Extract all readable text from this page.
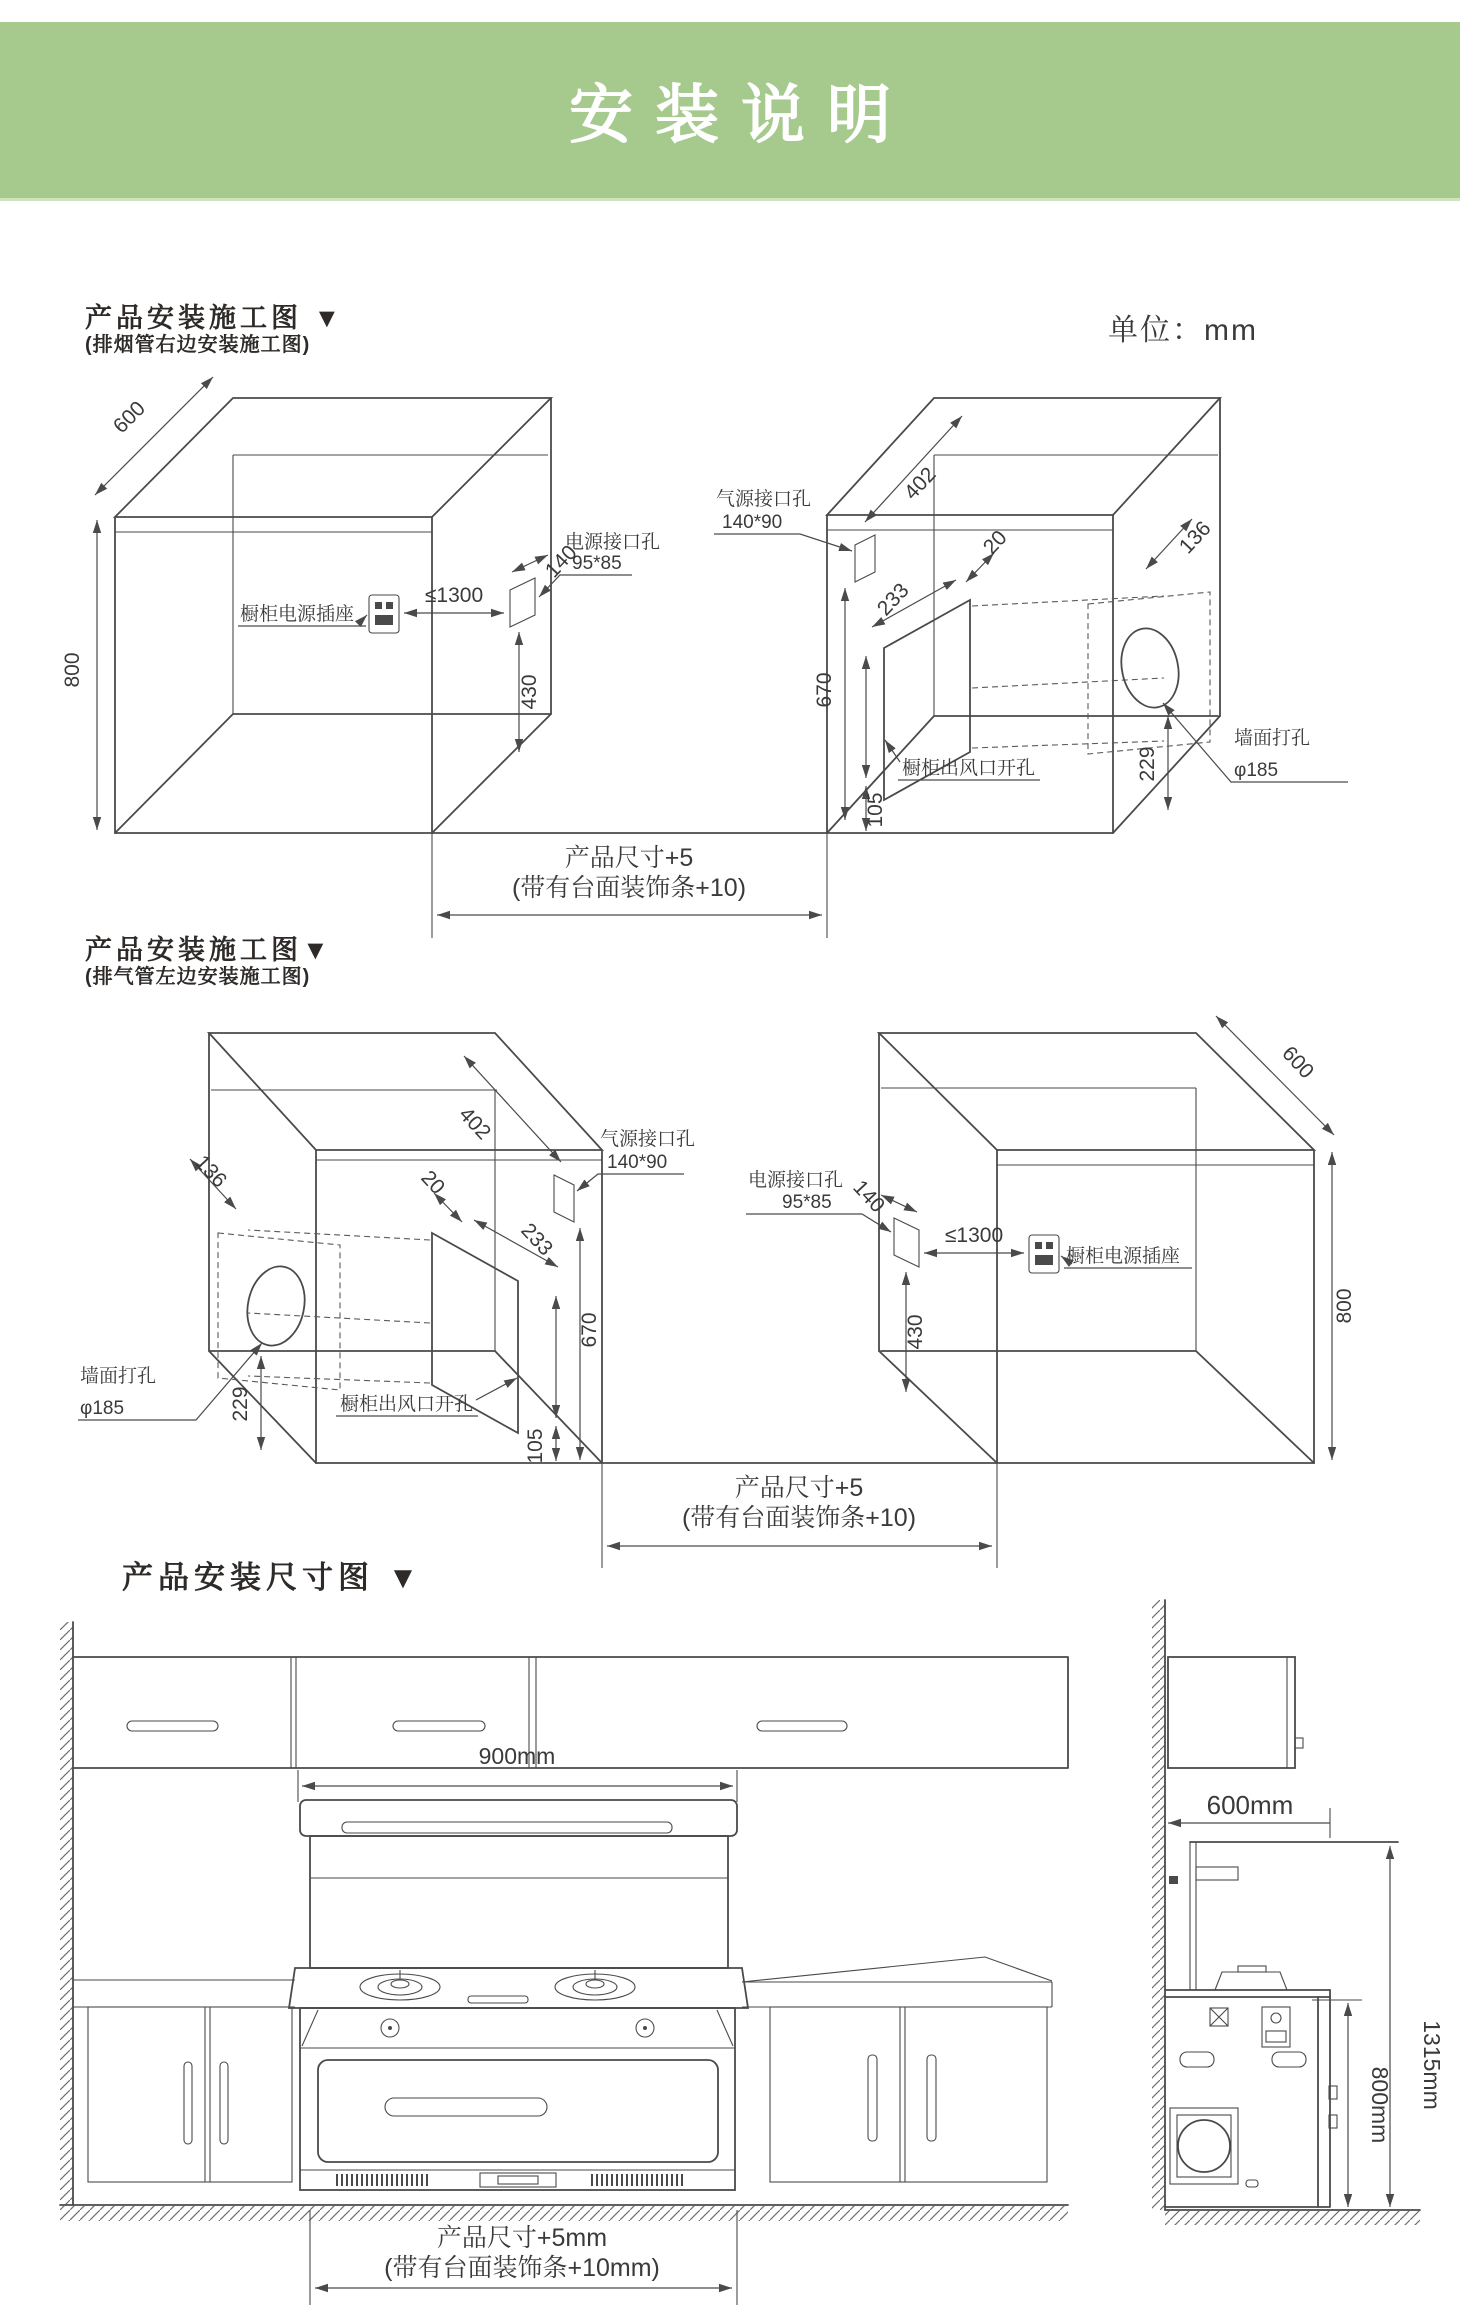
安装说明
产品安装施工图 ▼
(排烟管右边安装施工图)	单位：mm
产品安装施工图▼
(排气管左边安装施工图)
产品安装尺寸图 ▼
600
800
橱柜电源插座
≤1300
140
430
电源接口孔
95*85
气源接口孔
140*90
402
20
233
670
105
136
229
墙面打孔
φ185
橱柜出风口开孔
产品尺寸+5
(带有台面装饰条+10)
气源接口孔
140*90
402
20
233
670
105
136
229
墙面打孔
φ185	橱柜出风口开孔
140
≤1300
橱柜电源插座
430
电源接口孔
95*85
600
800
产品尺寸+5
(带有台面装饰条+10)
900mm
600mm
800mm 1315mm
产品尺寸+5mm
(带有台面装饰条+10mm)
